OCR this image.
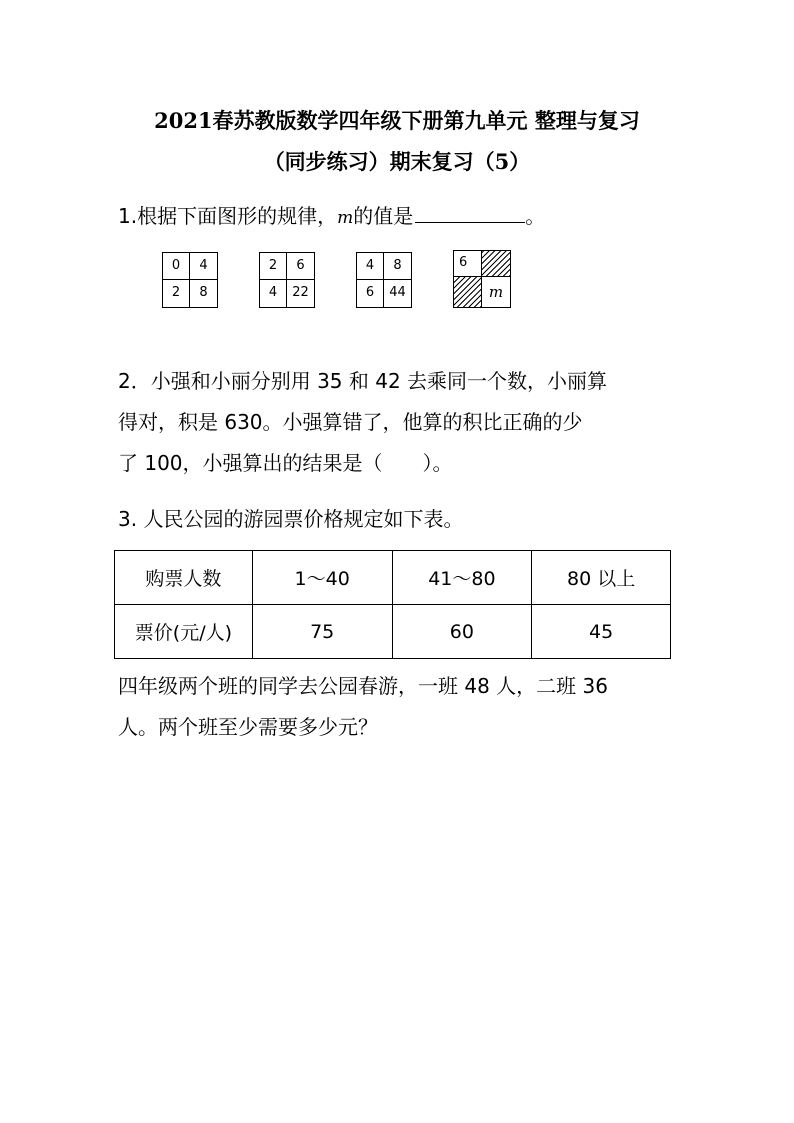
2021春苏教版数学四年级下册第九单元 整理与复习
（同步练习）期末复习（5）
1.根据下面图形的规律，m的值是	。
0	4
2	8
2	6
4	22
4	8
6	44
6
m
2．小强和小丽分别用 35 和 42 去乘同一个数，小丽算
得对，积是 630。小强算错了，他算的积比正确的少
了 100，小强算出的结果是（　　）。
3. 人民公园的游园票价格规定如下表。
购票人数	1～40	41～80	80 以上
票价(元/人)	75	60	45
四年级两个班的同学去公园春游，一班 48 人，二班 36
人。两个班至少需要多少元？
